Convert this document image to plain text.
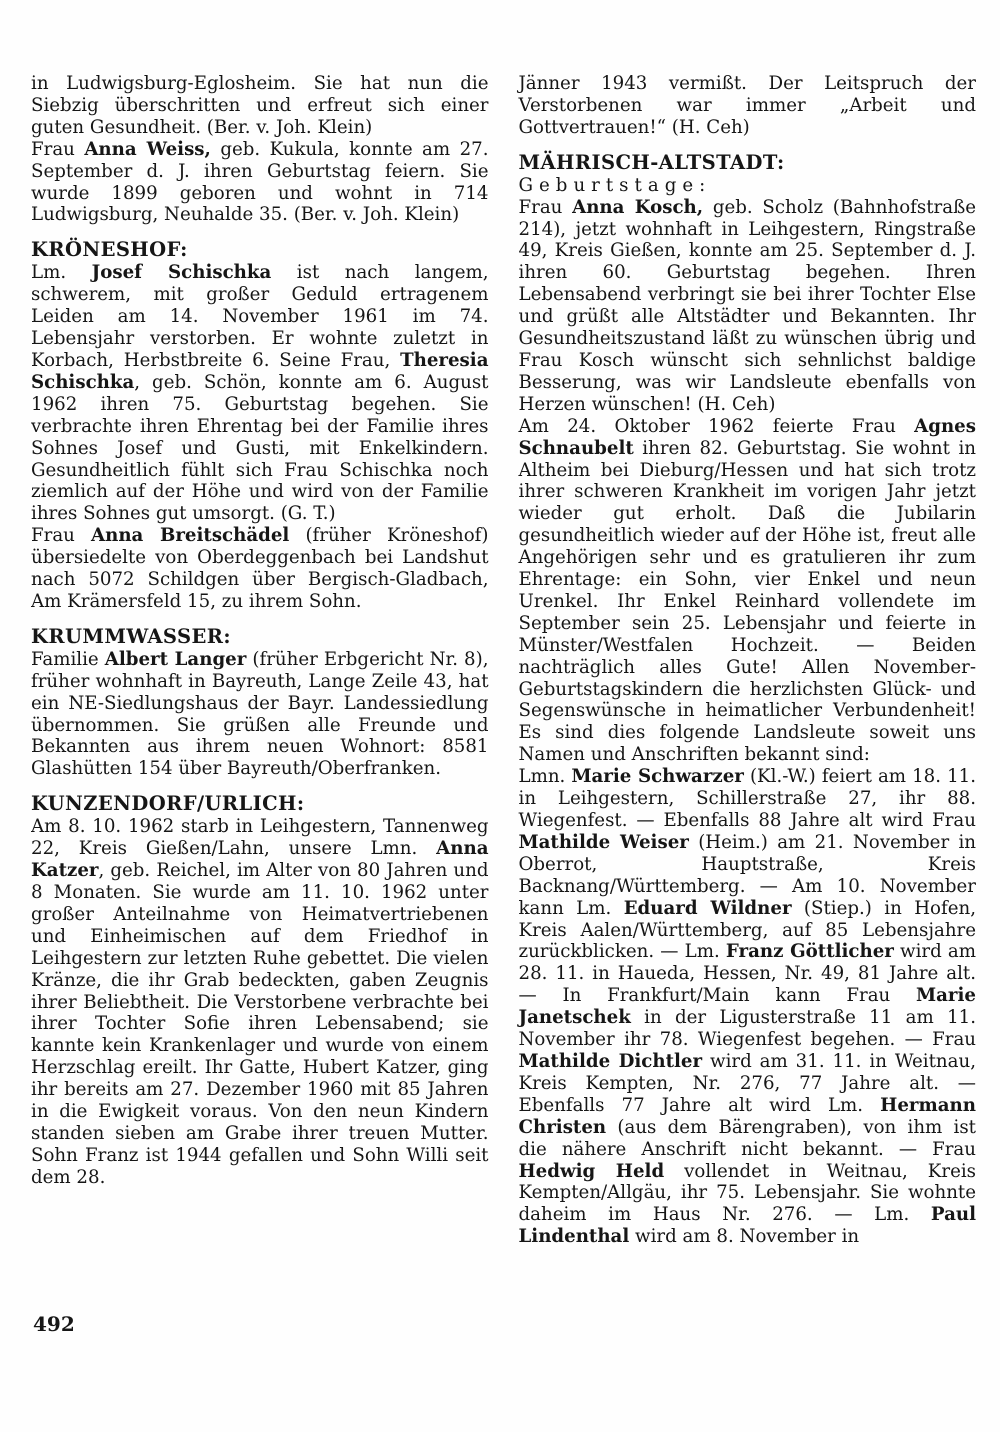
in Ludwigsburg-Eglosheim. Sie hat nun die Siebzig überschritten und erfreut sich einer guten Gesundheit. (Ber. v. Joh. Klein)

Frau Anna Weiss, geb. Kukula, konnte am 27. September d. J. ihren Geburtstag feiern. Sie wurde 1899 geboren und wohnt in 714 Ludwigsburg, Neuhalde 35. (Ber. v. Joh. Klein)

KRÖNESHOF:

Lm. Josef Schischka ist nach langem, schwerem, mit großer Geduld ertragenem Leiden am 14. November 1961 im 74. Lebensjahr verstorben. Er wohnte zuletzt in Korbach, Herbstbreite 6. Seine Frau, Theresia Schischka, geb. Schön, konnte am 6. August 1962 ihren 75. Geburtstag begehen. Sie verbrachte ihren Ehrentag bei der Familie ihres Sohnes Josef und Gusti, mit Enkelkindern. Gesundheitlich fühlt sich Frau Schischka noch ziemlich auf der Höhe und wird von der Familie ihres Sohnes gut umsorgt. (G. T.)

Frau Anna Breitschädel (früher Kröneshof) übersiedelte von Oberdeggenbach bei Landshut nach 5072 Schildgen über Bergisch-Gladbach, Am Krämersfeld 15, zu ihrem Sohn.

KRUMMWASSER:

Familie Albert Langer (früher Erbgericht Nr. 8), früher wohnhaft in Bayreuth, Lange Zeile 43, hat ein NE-Siedlungshaus der Bayr. Landessiedlung übernommen. Sie grüßen alle Freunde und Bekannten aus ihrem neuen Wohnort: 8581 Glashütten 154 über Bayreuth/Oberfranken.

KUNZENDORF/URLICH:

Am 8. 10. 1962 starb in Leihgestern, Tannenweg 22, Kreis Gießen/Lahn, unsere Lmn. Anna Katzer, geb. Reichel, im Alter von 80 Jahren und 8 Monaten. Sie wurde am 11. 10. 1962 unter großer Anteilnahme von Heimatvertriebenen und Einheimischen auf dem Friedhof in Leihgestern zur letzten Ruhe gebettet. Die vielen Kränze, die ihr Grab bedeckten, gaben Zeugnis ihrer Beliebtheit. Die Verstorbene verbrachte bei ihrer Tochter Sofie ihren Lebensabend; sie kannte kein Krankenlager und wurde von einem Herzschlag ereilt. Ihr Gatte, Hubert Katzer, ging ihr bereits am 27. Dezember 1960 mit 85 Jahren in die Ewigkeit voraus. Von den neun Kindern standen sieben am Grabe ihrer treuen Mutter. Sohn Franz ist 1944 gefallen und Sohn Willi seit dem 28.

Jänner 1943 vermißt. Der Leitspruch der Verstorbenen war immer „Arbeit und Gottvertrauen!“ (H. Ceh)

MÄHRISCH-ALTSTADT:

Geburtstage:

Frau Anna Kosch, geb. Scholz (Bahnhofstraße 214), jetzt wohnhaft in Leihgestern, Ringstraße 49, Kreis Gießen, konnte am 25. September d. J. ihren 60. Geburtstag begehen. Ihren Lebensabend verbringt sie bei ihrer Tochter Else und grüßt alle Altstädter und Bekannten. Ihr Gesundheitszustand läßt zu wünschen übrig und Frau Kosch wünscht sich sehnlichst baldige Besserung, was wir Landsleute ebenfalls von Herzen wünschen! (H. Ceh)

Am 24. Oktober 1962 feierte Frau Agnes Schnaubelt ihren 82. Geburtstag. Sie wohnt in Altheim bei Dieburg/Hessen und hat sich trotz ihrer schweren Krankheit im vorigen Jahr jetzt wieder gut erholt. Daß die Jubilarin gesundheitlich wieder auf der Höhe ist, freut alle Angehörigen sehr und es gratulieren ihr zum Ehrentage: ein Sohn, vier Enkel und neun Urenkel. Ihr Enkel Reinhard vollendete im September sein 25. Lebensjahr und feierte in Münster/Westfalen Hochzeit. — Beiden nachträglich alles Gute! Allen November-Geburtstagskindern die herzlichsten Glück- und Segenswünsche in heimatlicher Verbundenheit! Es sind dies folgende Landsleute soweit uns Namen und Anschriften bekannt sind:

Lmn. Marie Schwarzer (Kl.-W.) feiert am 18. 11. in Leihgestern, Schillerstraße 27, ihr 88. Wiegenfest. — Ebenfalls 88 Jahre alt wird Frau Mathilde Weiser (Heim.) am 21. November in Oberrot, Hauptstraße, Kreis Backnang/Württemberg. — Am 10. November kann Lm. Eduard Wildner (Stiep.) in Hofen, Kreis Aalen/Württemberg, auf 85 Lebensjahre zurückblicken. — Lm. Franz Göttlicher wird am 28. 11. in Haueda, Hessen, Nr. 49, 81 Jahre alt. — In Frankfurt/Main kann Frau Marie Janetschek in der Ligusterstraße 11 am 11. November ihr 78. Wiegenfest begehen. — Frau Mathilde Dichtler wird am 31. 11. in Weitnau, Kreis Kempten, Nr. 276, 77 Jahre alt. — Ebenfalls 77 Jahre alt wird Lm. Hermann Christen (aus dem Bärengraben), von ihm ist die nähere Anschrift nicht bekannt. — Frau Hedwig Held vollendet in Weitnau, Kreis Kempten/Allgäu, ihr 75. Lebensjahr. Sie wohnte daheim im Haus Nr. 276. — Lm. Paul Lindenthal wird am 8. November in

492
